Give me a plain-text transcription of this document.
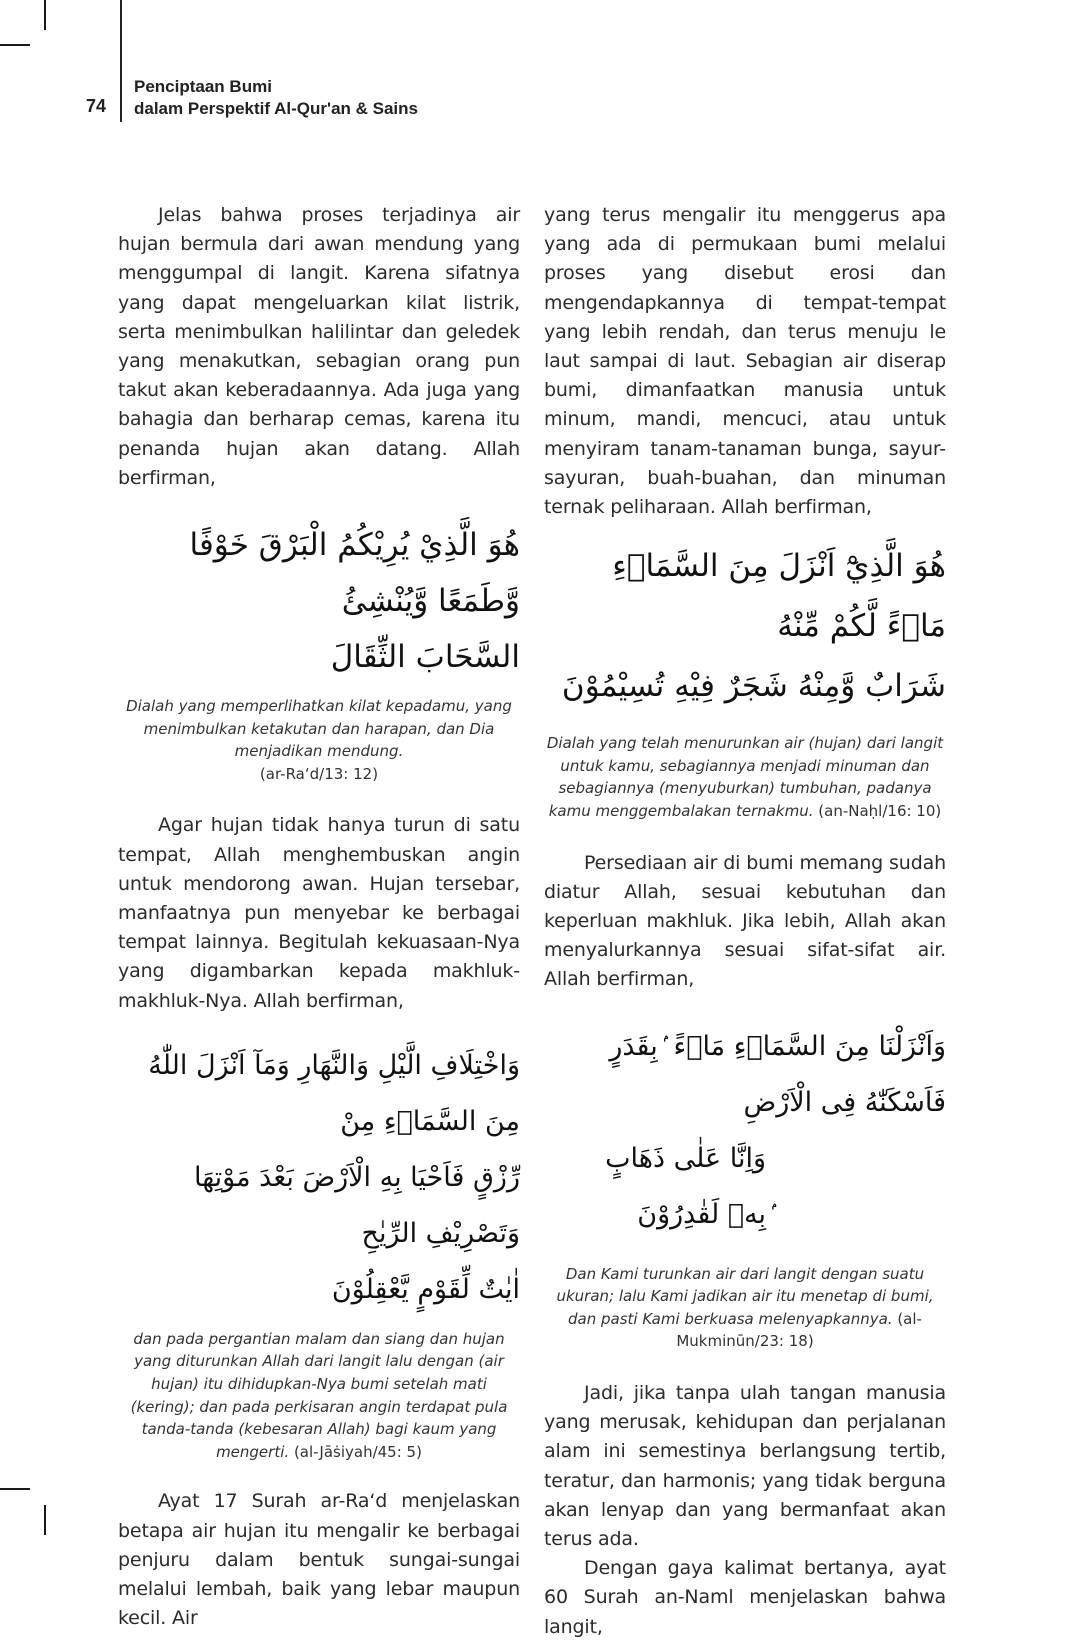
74
Penciptaan Bumi
dalam Perspektif Al-Qur'an & Sains

Jelas bahwa proses terjadinya air hujan bermula dari awan mendung yang menggumpal di langit. Karena sifatnya yang dapat mengeluarkan kilat listrik, serta menimbulkan halilintar dan geledek yang menakutkan, sebagian orang pun takut akan keberadaannya. Ada juga yang bahagia dan berharap cemas, karena itu penanda hujan akan datang. Allah berfirman,

هُوَ الَّذِيْ يُرِيْكُمُ الْبَرْقَ خَوْفًا وَّطَمَعًا وَّيُنْشِئُ
السَّحَابَ الثِّقَالَ
Dialah yang memperlihatkan kilat kepadamu, yang menimbulkan ketakutan dan harapan, dan Dia menjadikan mendung.
(ar-Ra‘d/13: 12)

Agar hujan tidak hanya turun di satu tempat, Allah menghembuskan angin untuk mendorong awan. Hujan tersebar, manfaatnya pun menyebar ke berbagai tempat lainnya. Begitulah kekuasaan-Nya yang digambarkan kepada makhluk-makhluk-Nya. Allah berfirman,

وَاخْتِلَافِ الَّيْلِ وَالنَّهَارِ وَمَآ اَنْزَلَ اللّٰهُ مِنَ السَّمَاۤءِ مِنْ
رِّزْقٍ فَاَحْيَا بِهِ الْاَرْضَ بَعْدَ مَوْتِهَا وَتَصْرِيْفِ الرِّيٰحِ
اٰيٰتٌ لِّقَوْمٍ يَّعْقِلُوْنَ
dan pada pergantian malam dan siang dan hujan yang diturunkan Allah dari langit lalu dengan (air hujan) itu dihidupkan-Nya bumi setelah mati (kering); dan pada perkisaran angin terdapat pula tanda-tanda (kebesaran Allah) bagi kaum yang mengerti. (al-Jāṡiyah/45: 5)

Ayat 17 Surah ar-Ra‘d menjelaskan betapa air hujan itu mengalir ke berbagai penjuru dalam bentuk sungai-sungai melalui lembah, baik yang lebar maupun kecil. Air

yang terus mengalir itu menggerus apa yang ada di permukaan bumi melalui proses yang disebut erosi dan mengendapkannya di tempat-tempat yang lebih rendah, dan terus menuju le laut sampai di laut. Sebagian air diserap bumi, dimanfaatkan manusia untuk minum, mandi, mencuci, atau untuk menyiram tanam-tanaman bunga, sayur-sayuran, buah-buahan, dan minuman ternak peliharaan. Allah berfirman,

هُوَ الَّذِيْٓ اَنْزَلَ مِنَ السَّمَاۤءِ مَاۤءً لَّكُمْ مِّنْهُ
شَرَابٌ وَّمِنْهُ شَجَرٌ فِيْهِ تُسِيْمُوْنَ
Dialah yang telah menurunkan air (hujan) dari langit untuk kamu, sebagiannya menjadi minuman dan sebagiannya (menyuburkan) tumbuhan, padanya kamu menggembalakan ternakmu. (an-Naḥl/16: 10)

Persediaan air di bumi memang sudah diatur Allah, sesuai kebutuhan dan keperluan makhluk. Jika lebih, Allah akan menyalurkannya sesuai sifat-sifat air. Allah berfirman,

وَاَنْزَلْنَا مِنَ السَّمَاۤءِ مَاۤءً ۢبِقَدَرٍ فَاَسْكَنّٰهُ فِى الْاَرْضِ
وَاِنَّا عَلٰى ذَهَابٍ ۢبِهٖ لَقٰدِرُوْنَ
Dan Kami turunkan air dari langit dengan suatu ukuran; lalu Kami jadikan air itu menetap di bumi, dan pasti Kami berkuasa melenyapkannya. (al-Mukminūn/23: 18)

Jadi, jika tanpa ulah tangan manusia yang merusak, kehidupan dan perjalanan alam ini semestinya berlangsung tertib, teratur, dan harmonis; yang tidak berguna akan lenyap dan yang bermanfaat akan terus ada.

Dengan gaya kalimat bertanya, ayat 60 Surah an-Naml menjelaskan bahwa langit,
